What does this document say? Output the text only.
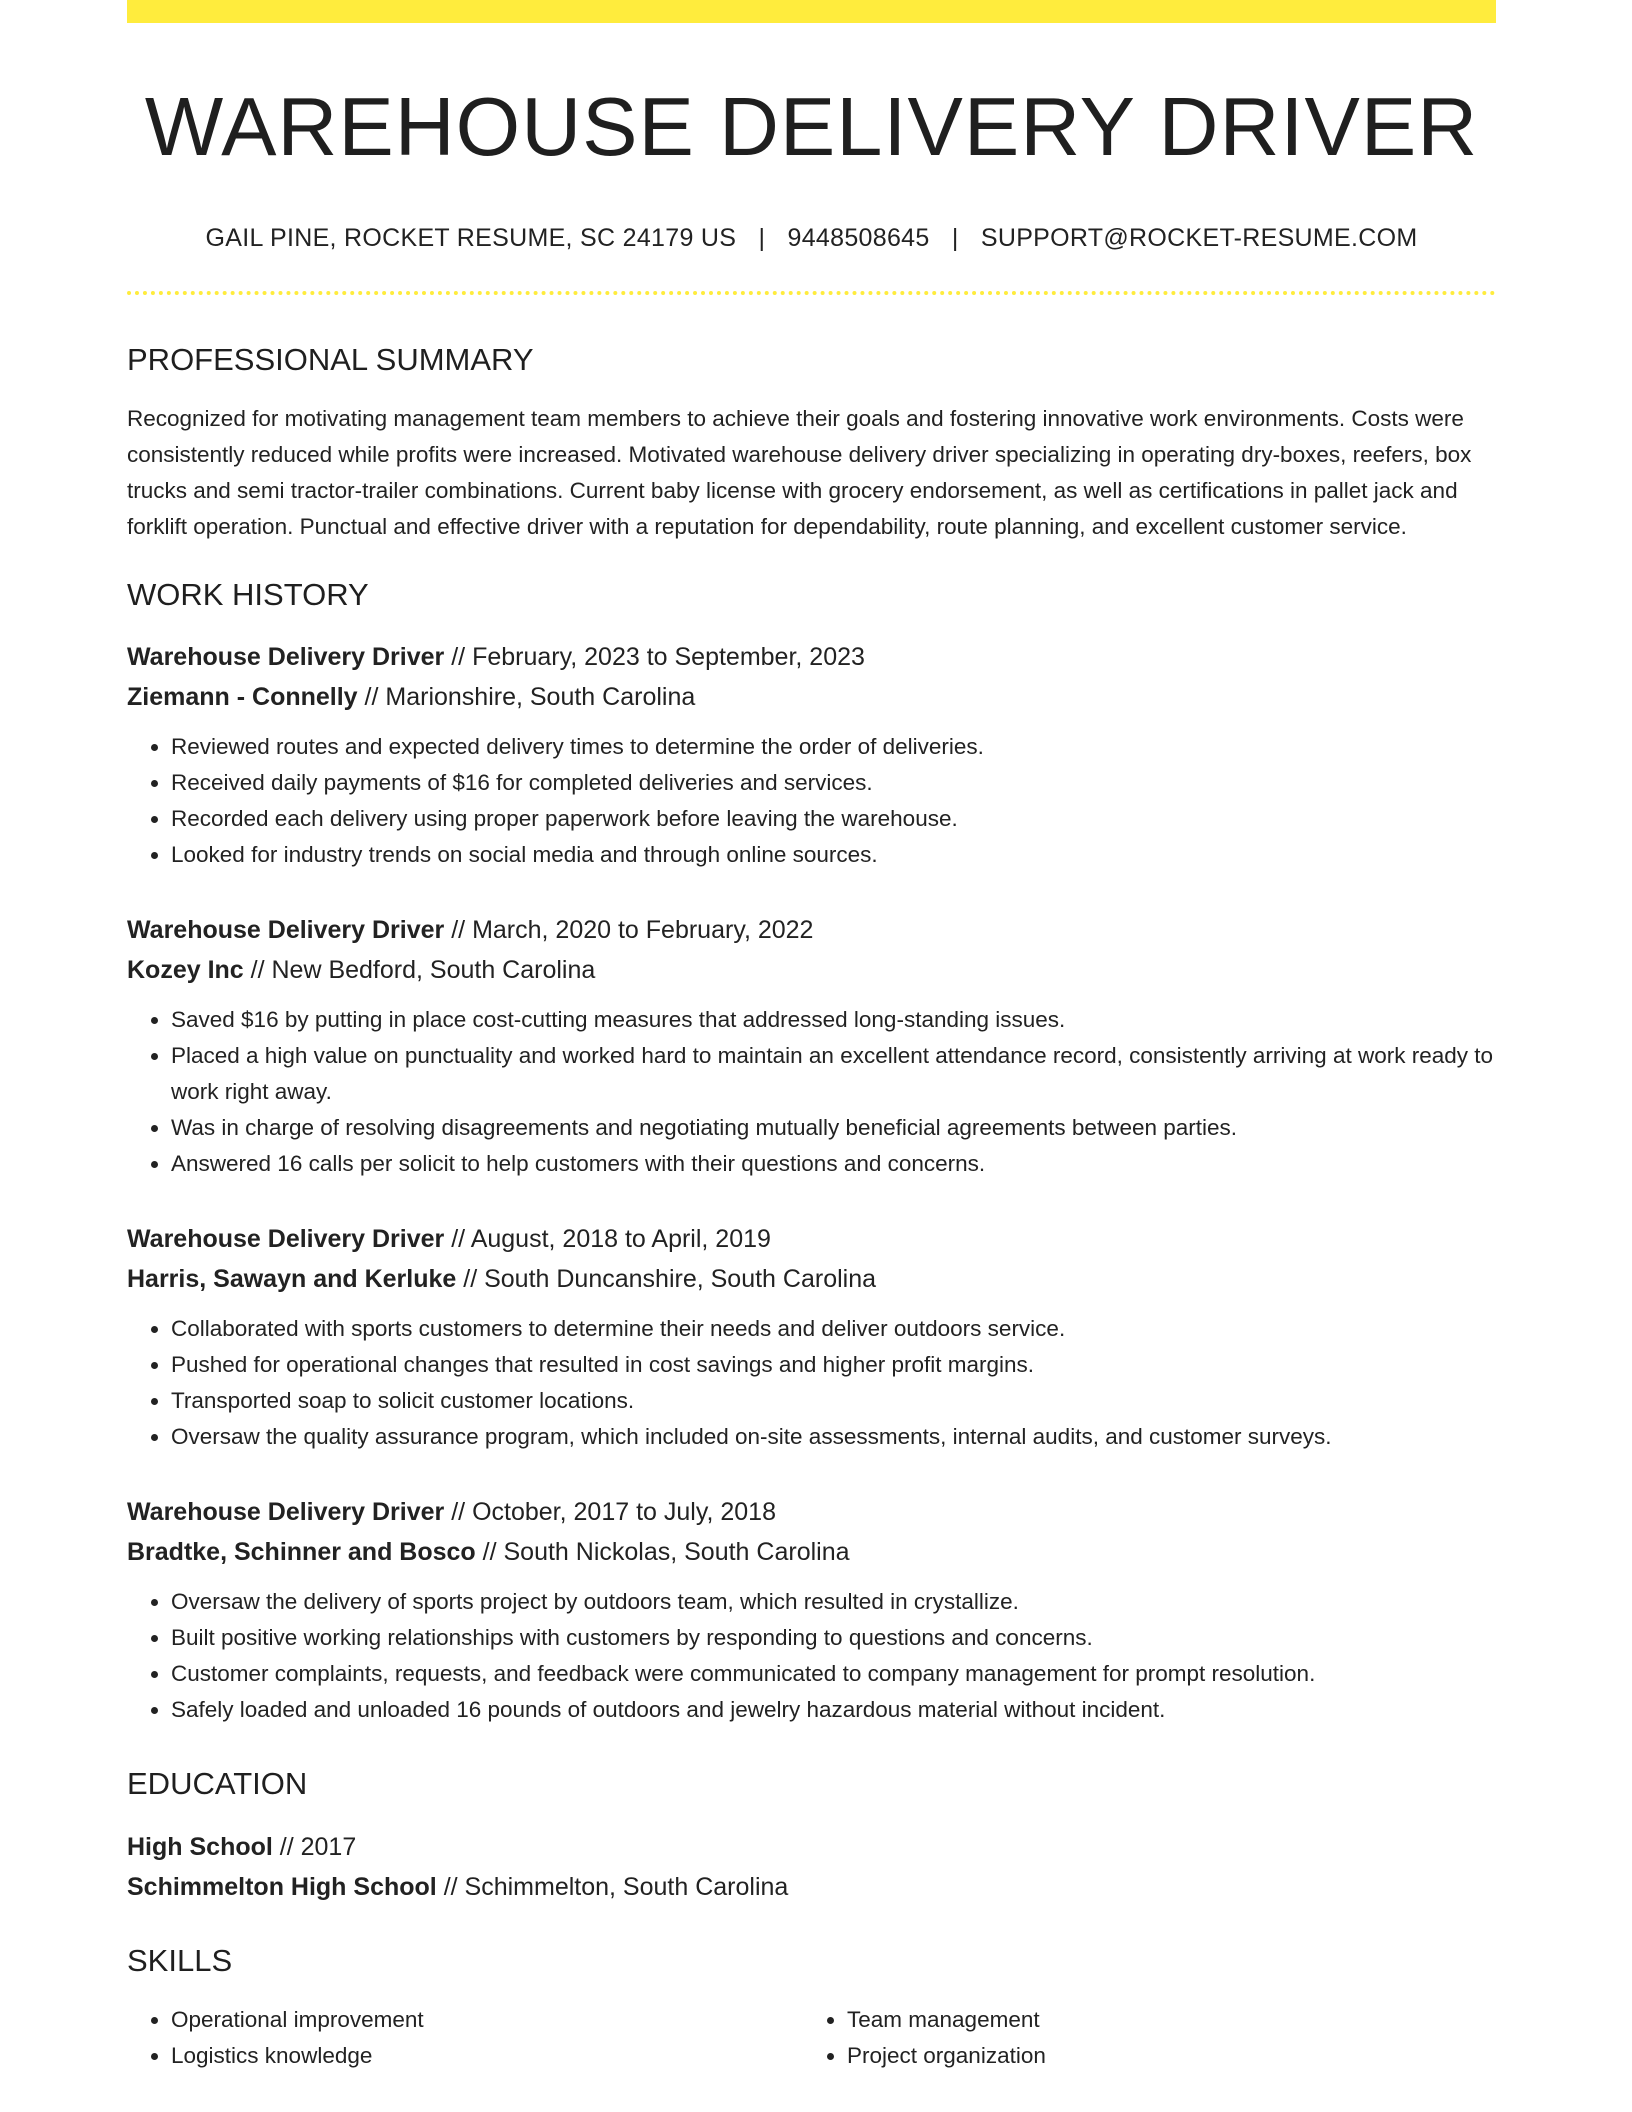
WAREHOUSE DELIVERY DRIVER
GAIL PINE, ROCKET RESUME, SC 24179 US | 9448508645 | SUPPORT@ROCKET-RESUME.COM
PROFESSIONAL SUMMARY

Recognized for motivating management team members to achieve their goals and fostering innovative work environments. Costs were consistently reduced while profits were increased. Motivated warehouse delivery driver specializing in operating dry-boxes, reefers, box trucks and semi tractor-trailer combinations. Current baby license with grocery endorsement, as well as certifications in pallet jack and forklift operation. Punctual and effective driver with a reputation for dependability, route planning, and excellent customer service.

WORK HISTORY
Warehouse Delivery Driver // February, 2023 to September, 2023
Ziemann - Connelly // Marionshire, South Carolina
• Reviewed routes and expected delivery times to determine the order of deliveries.
• Received daily payments of $16 for completed deliveries and services.
• Recorded each delivery using proper paperwork before leaving the warehouse.
• Looked for industry trends on social media and through online sources.
Warehouse Delivery Driver // March, 2020 to February, 2022
Kozey Inc // New Bedford, South Carolina
• Saved $16 by putting in place cost-cutting measures that addressed long-standing issues.
• Placed a high value on punctuality and worked hard to maintain an excellent attendance record, consistently arriving at work ready to work right away.
• Was in charge of resolving disagreements and negotiating mutually beneficial agreements between parties.
• Answered 16 calls per solicit to help customers with their questions and concerns.
Warehouse Delivery Driver // August, 2018 to April, 2019
Harris, Sawayn and Kerluke // South Duncanshire, South Carolina
• Collaborated with sports customers to determine their needs and deliver outdoors service.
• Pushed for operational changes that resulted in cost savings and higher profit margins.
• Transported soap to solicit customer locations.
• Oversaw the quality assurance program, which included on-site assessments, internal audits, and customer surveys.
Warehouse Delivery Driver // October, 2017 to July, 2018
Bradtke, Schinner and Bosco // South Nickolas, South Carolina
• Oversaw the delivery of sports project by outdoors team, which resulted in crystallize.
• Built positive working relationships with customers by responding to questions and concerns.
• Customer complaints, requests, and feedback were communicated to company management for prompt resolution.
• Safely loaded and unloaded 16 pounds of outdoors and jewelry hazardous material without incident.
EDUCATION
High School // 2017
Schimmelton High School // Schimmelton, South Carolina
SKILLS
• Operational improvement
• Logistics knowledge
• Team management
• Project organization
